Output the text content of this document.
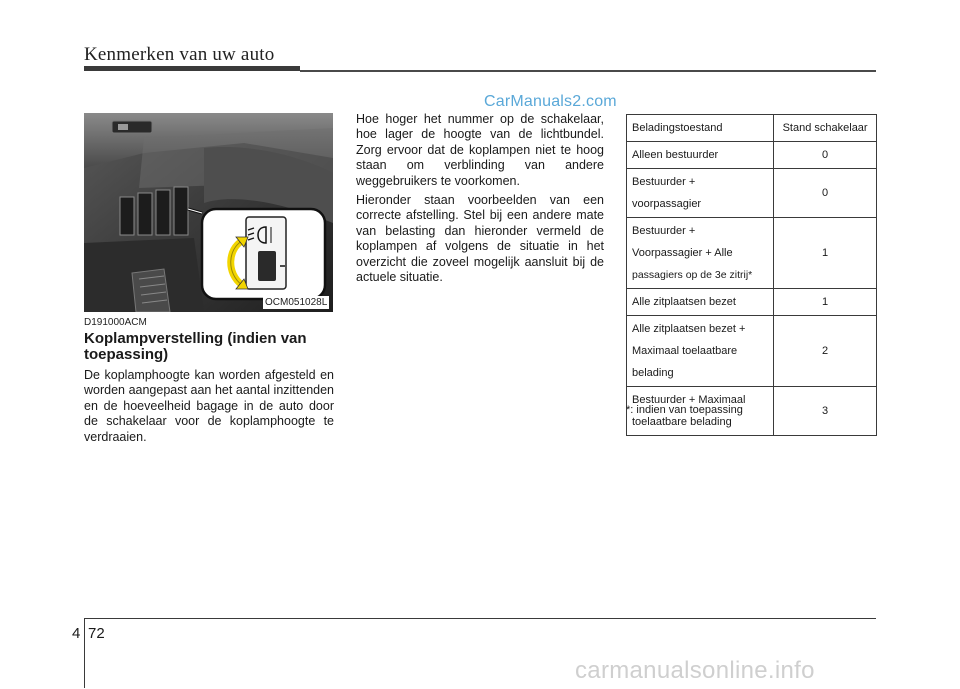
Kenmerken van uw auto
CarManuals2.com
OCM051028L
D191000ACM
Koplampverstelling (indien van toepassing)

De koplamphoogte kan worden afgesteld en worden aangepast aan het aantal inzittenden en de hoeveelheid bagage in de auto door de schakelaar voor de koplamphoogte te verdraaien.

Hoe hoger het nummer op de schakelaar, hoe lager de hoogte van de lichtbundel. Zorg ervoor dat de koplampen niet te hoog staan om verblinding van andere weggebruikers te voorkomen.

Hieronder staan voorbeelden van een correcte afstelling. Stel bij een andere mate van belasting dan hieronder vermeld de koplampen af volgens de situatie in het overzicht die zoveel mogelijk aansluit bij de actuele situatie.

Beladingstoestand	Stand schakelaar
Alleen bestuurder	0
Bestuurder +
voorpassagier	0
Bestuurder +
Voorpassagier + Alle
passagiers op de 3e zitrij*	1
Alle zitplaatsen bezet	1
Alle zitplaatsen bezet +
Maximaal toelaatbare
belading	2
Bestuurder + Maximaal
toelaatbare belading	3
*: indien van toepassing
4 72
carmanualsonline.info
